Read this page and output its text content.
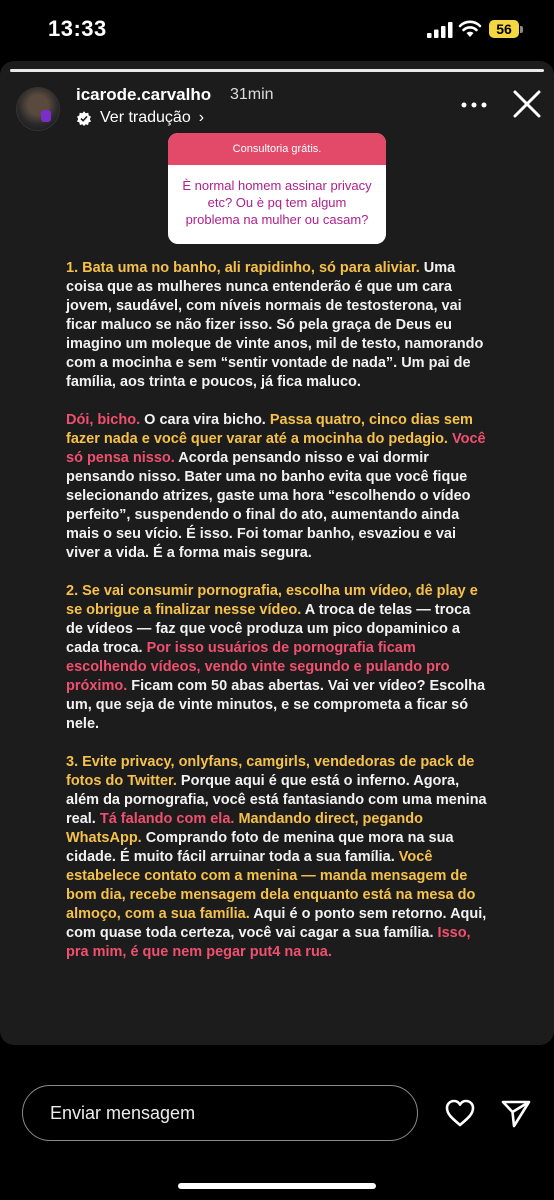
13:33	56
icarode.carvalho 31min
Ver tradução ›
Consultoria grátis.
È normal homem assinar privacy etc? Ou è pq tem algum problema na mulher ou casam?

1. Bata uma no banho, ali rapidinho, só para aliviar. Uma coisa que as mulheres nunca entenderão é que um cara jovem, saudável, com níveis normais de testosterona, vai ficar maluco se não fizer isso. Só pela graça de Deus eu imagino um moleque de vinte anos, mil de testo, namorando com a mocinha e sem “sentir vontade de nada”. Um pai de família, aos trinta e poucos, já fica maluco.

Dói, bicho. O cara vira bicho. Passa quatro, cinco dias sem fazer nada e você quer varar até a mocinha do pedagio. Você só pensa nisso. Acorda pensando nisso e vai dormir pensando nisso. Bater uma no banho evita que você fique selecionando atrizes, gaste uma hora “escolhendo o vídeo perfeito”, suspendendo o final do ato, aumentando ainda mais o seu vício. É isso. Foi tomar banho, esvaziou e vai viver a vida. É a forma mais segura.

2. Se vai consumir pornografia, escolha um vídeo, dê play e se obrigue a finalizar nesse vídeo. A troca de telas — troca de vídeos — faz que você produza um pico dopaminico a cada troca. Por isso usuários de pornografia ficam escolhendo vídeos, vendo vinte segundo e pulando pro próximo. Ficam com 50 abas abertas. Vai ver vídeo? Escolha um, que seja de vinte minutos, e se comprometa a ficar só nele.

3. Evite privacy, onlyfans, camgirls, vendedoras de pack de fotos do Twitter. Porque aqui é que está o inferno. Agora, além da pornografia, você está fantasiando com uma menina real. Tá falando com ela. Mandando direct, pegando WhatsApp. Comprando foto de menina que mora na sua cidade. É muito fácil arruinar toda a sua família. Você estabelece contato com a menina — manda mensagem de bom dia, recebe mensagem dela enquanto está na mesa do almoço, com a sua família. Aqui é o ponto sem retorno. Aqui, com quase toda certeza, você vai cagar a sua família. Isso, pra mim, é que nem pegar put4 na rua.

Enviar mensagem
